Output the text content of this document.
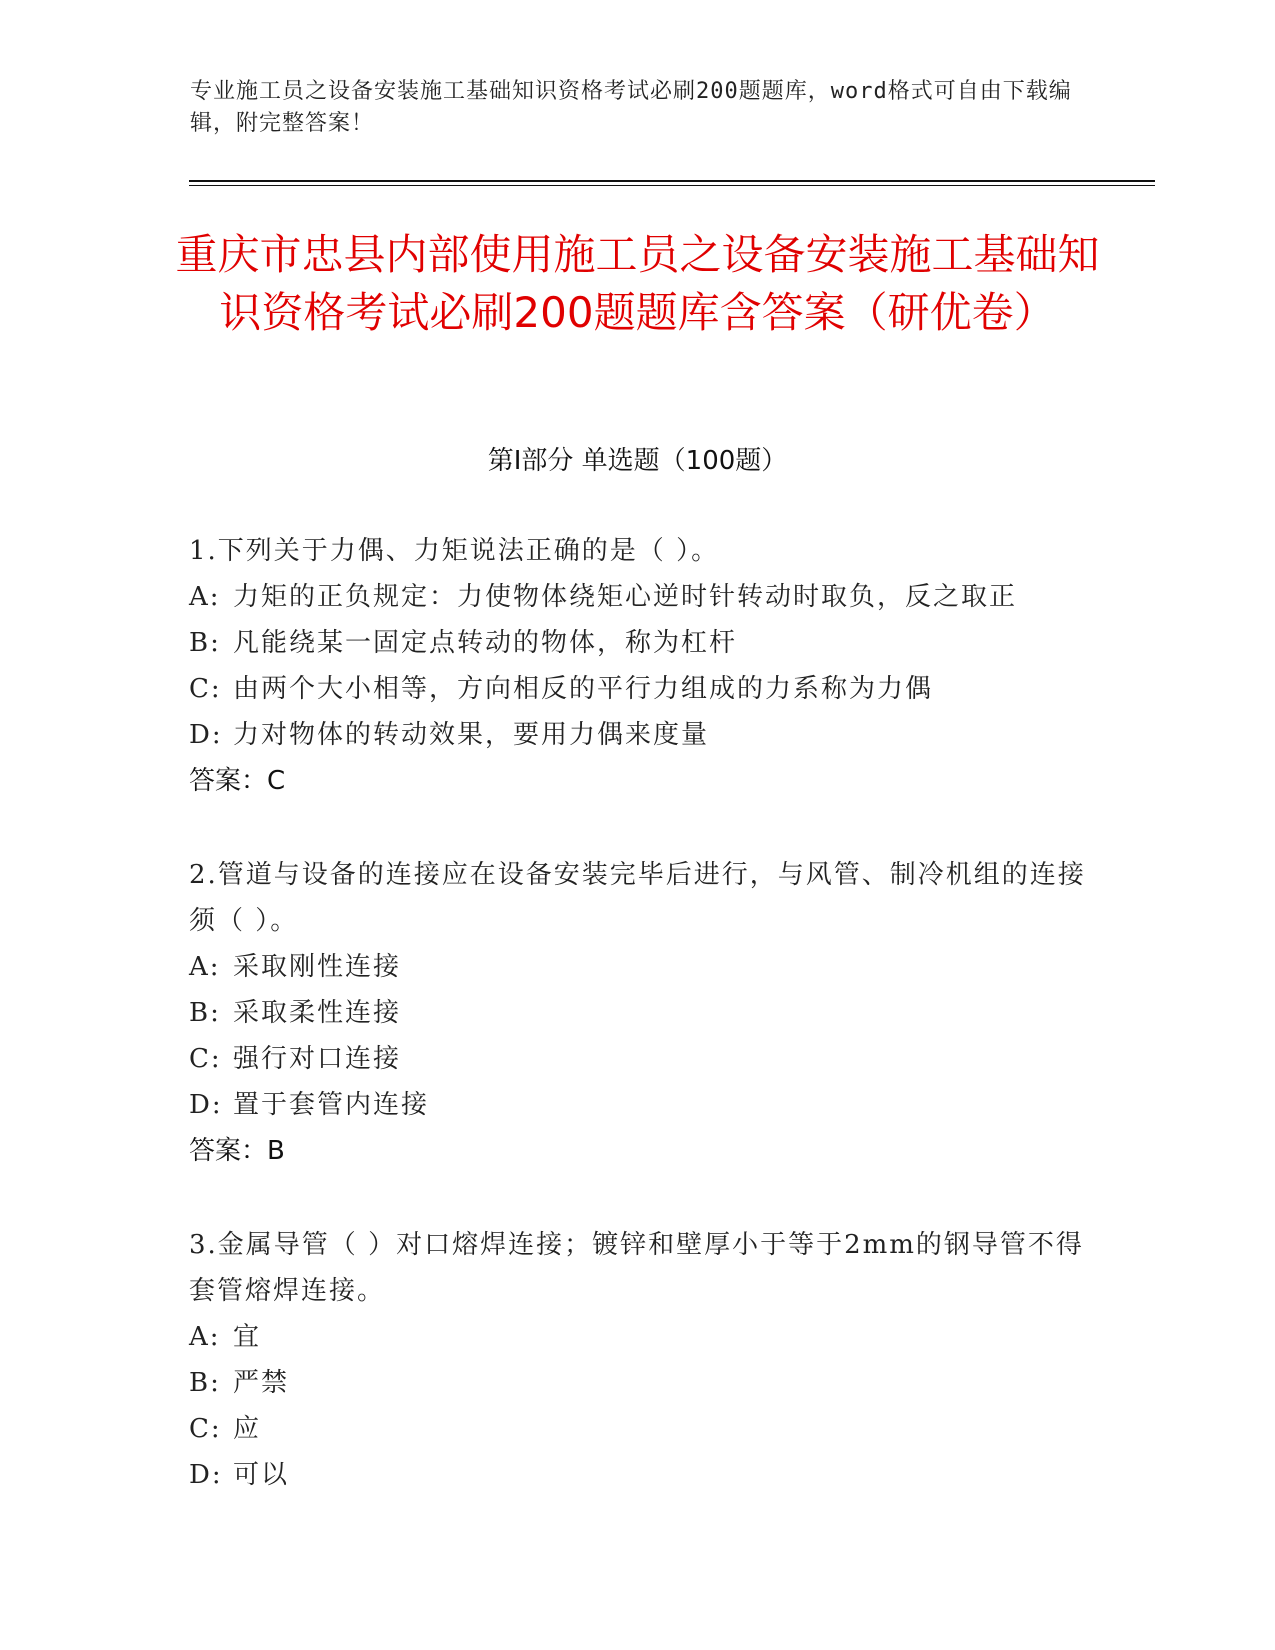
专业施工员之设备安装施工基础知识资格考试必刷200题题库，word格式可自由下载编辑，附完整答案！
重庆市忠县内部使用施工员之设备安装施工基础知识资格考试必刷200题题库含答案（研优卷）
第Ⅰ部分 单选题（100题）
1.下列关于力偶、力矩说法正确的是（ ）。
A: 力矩的正负规定：力使物体绕矩心逆时针转动时取负，反之取正
B: 凡能绕某一固定点转动的物体，称为杠杆
C: 由两个大小相等，方向相反的平行力组成的力系称为力偶
D: 力对物体的转动效果，要用力偶来度量
答案：C
2.管道与设备的连接应在设备安装完毕后进行，与风管、制冷机组的连接须（ ）。
A: 采取刚性连接
B: 采取柔性连接
C: 强行对口连接
D: 置于套管内连接
答案：B
3.金属导管（ ）对口熔焊连接；镀锌和壁厚小于等于2mm的钢导管不得套管熔焊连接。
A: 宜
B: 严禁
C: 应
D: 可以
